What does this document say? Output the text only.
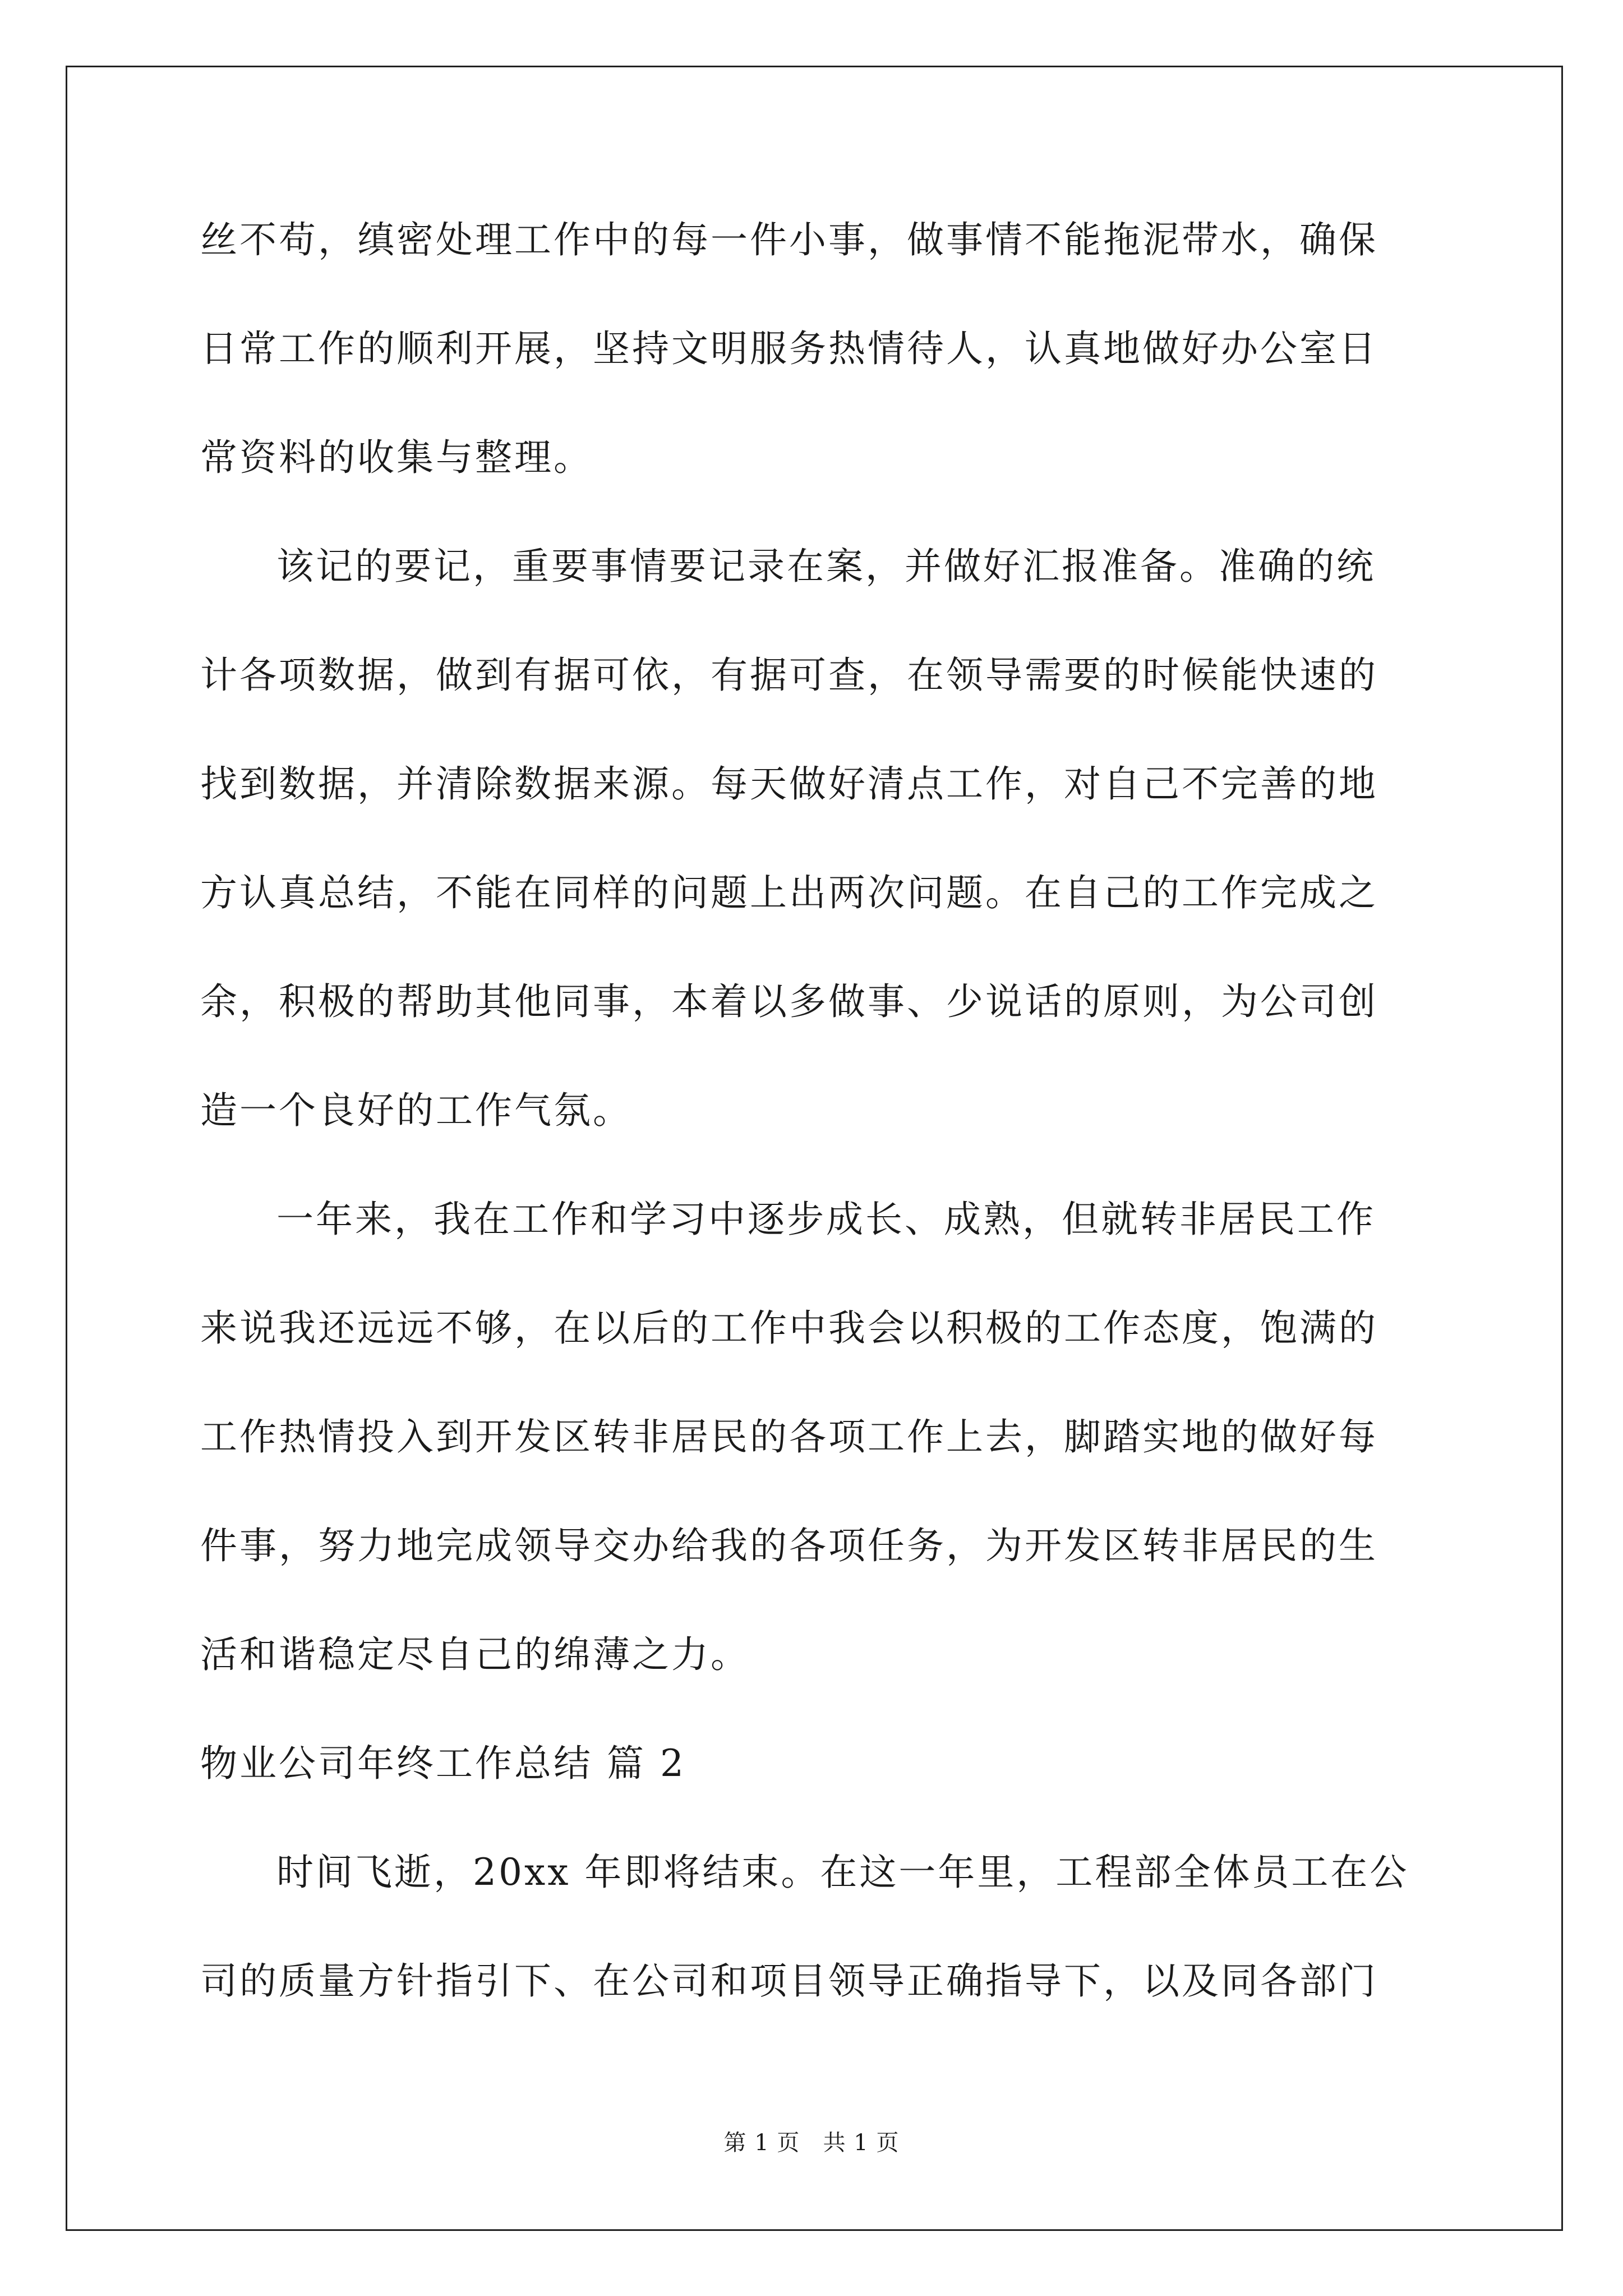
丝不苟，缜密处理工作中的每一件小事，做事情不能拖泥带水，确保
日常工作的顺利开展，坚持文明服务热情待人，认真地做好办公室日
常资料的收集与整理。
该记的要记，重要事情要记录在案，并做好汇报准备。准确的统
计各项数据，做到有据可依，有据可查，在领导需要的时候能快速的
找到数据，并清除数据来源。每天做好清点工作，对自己不完善的地
方认真总结，不能在同样的问题上出两次问题。在自己的工作完成之
余，积极的帮助其他同事，本着以多做事、少说话的原则，为公司创
造一个良好的工作气氛。
一年来，我在工作和学习中逐步成长、成熟，但就转非居民工作
来说我还远远不够，在以后的工作中我会以积极的工作态度，饱满的
工作热情投入到开发区转非居民的各项工作上去，脚踏实地的做好每
件事，努力地完成领导交办给我的各项任务，为开发区转非居民的生
活和谐稳定尽自己的绵薄之力。
物业公司年终工作总结 篇 2
时间飞逝，20xx 年即将结束。在这一年里，工程部全体员工在公
司的质量方针指引下、在公司和项目领导正确指导下，以及同各部门
第 1 页   共 1 页
